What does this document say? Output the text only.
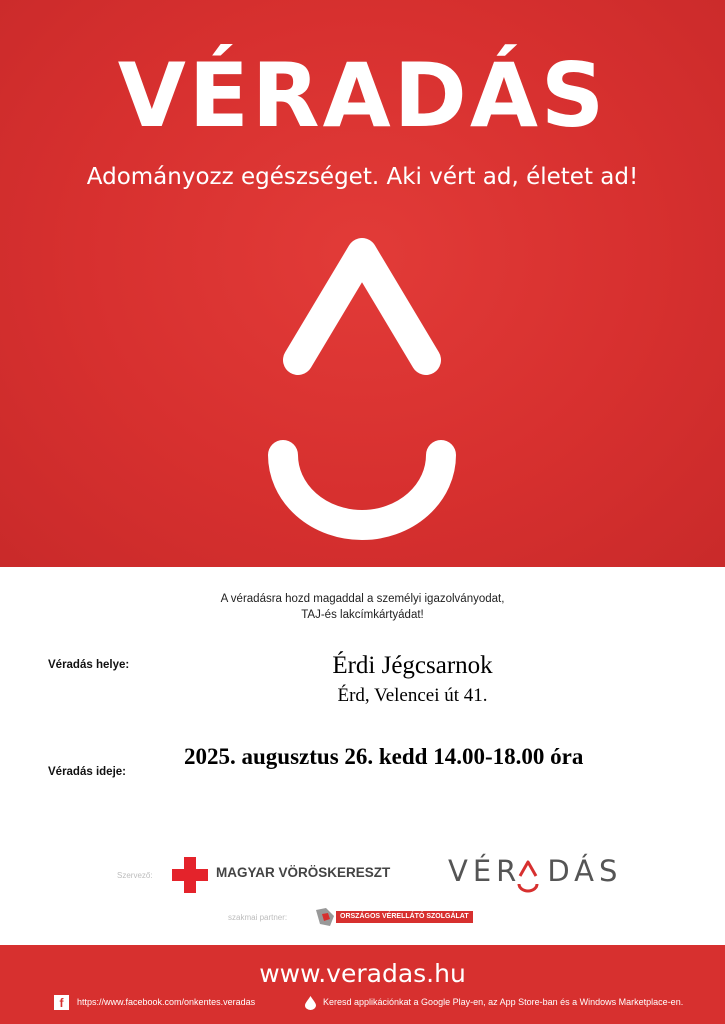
VÉRADÁS
Adományozz egészséget. Aki vért ad, életet ad!
A véradásra hozd magaddal a személyi igazolványodat,
TAJ-és lakcímkártyádat!
Véradás helye:	Érdi Jégcsarnok
Érd, Velencei út 41.
Véradás ideje:
2025. augusztus 26. kedd 14.00-18.00 óra
Szervező:	MAGYAR VÖRÖSKERESZT VÉR DÁS
szakmai partner:	ORSZÁGOS VÉRELLÁTÓ SZOLGÁLAT
www.veradas.hu
f	https://www.facebook.com/onkentes.veradas	Keresd applikációnkat a Google Play-en, az App Store-ban és a Windows Marketplace-en.
